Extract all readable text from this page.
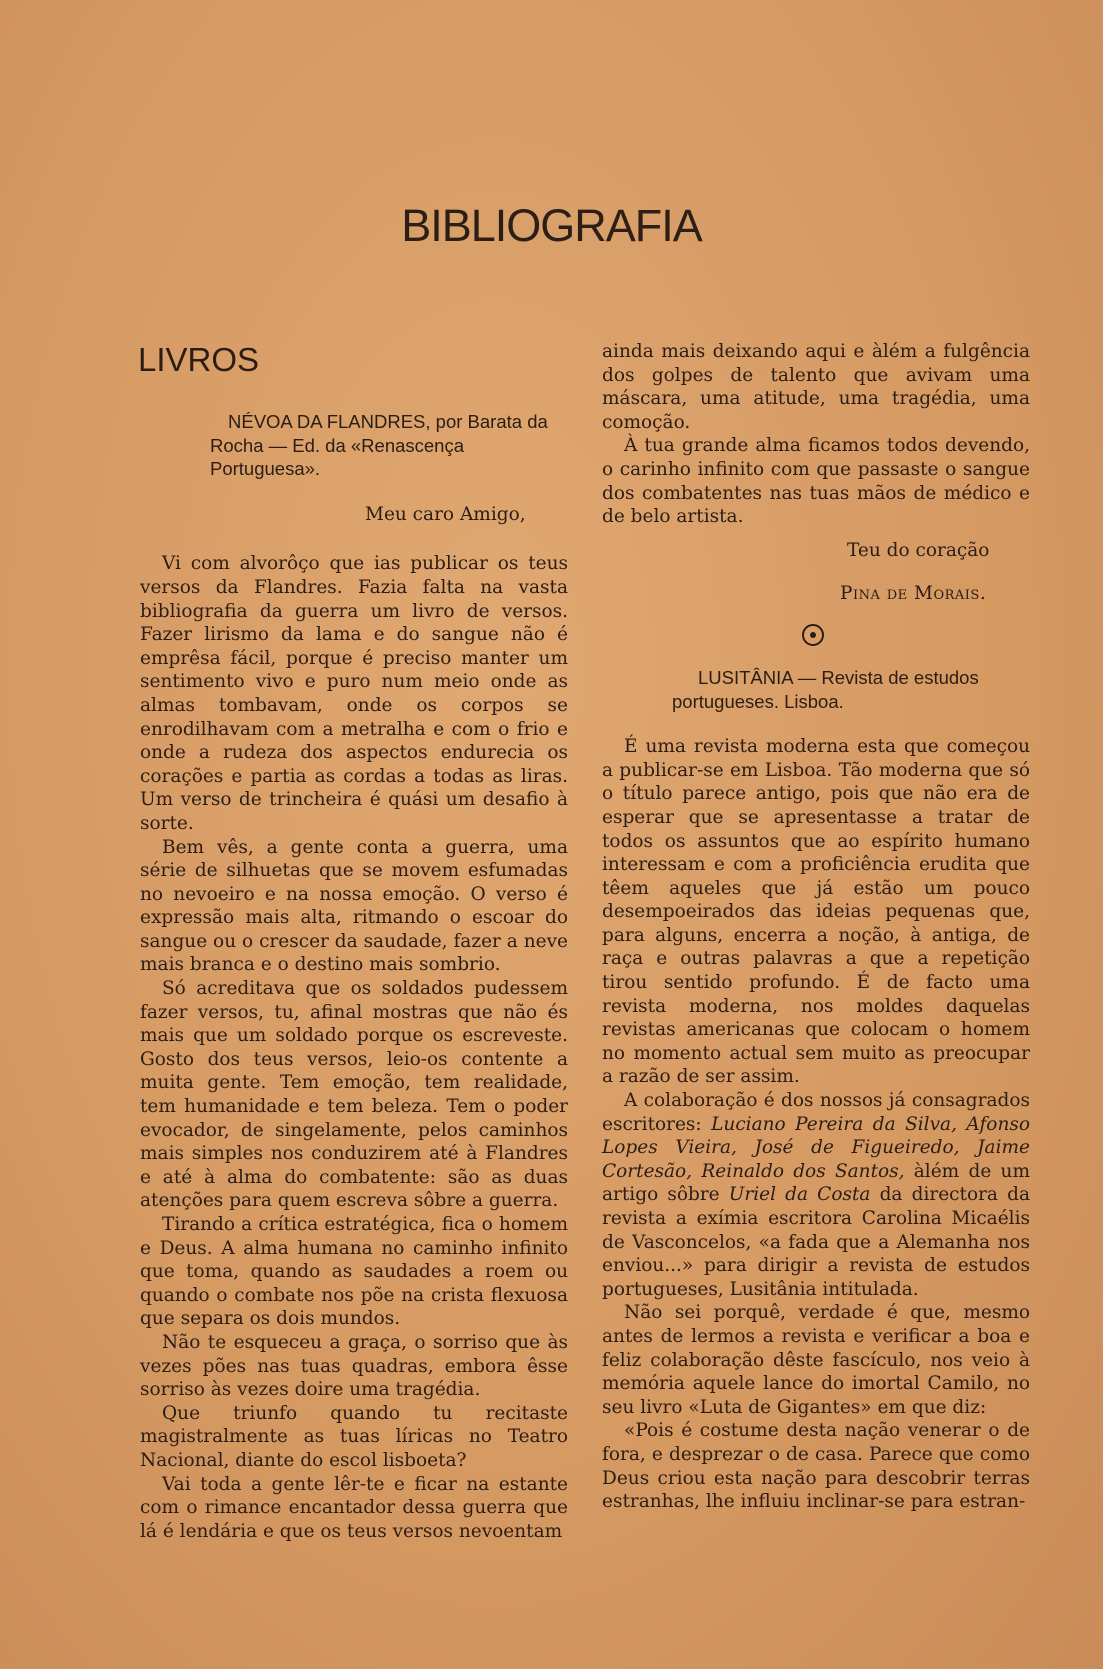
BIBLIOGRAFIA
LIVROS
NÉVOA DA FLANDRES, por Barata da Rocha — Ed. da «Renascença Portuguesa».
Meu caro Amigo,

Vi com alvorôço que ias publicar os teus versos da Flandres. Fazia falta na vasta bibliografia da guerra um livro de versos. Fazer lirismo da lama e do sangue não é emprêsa fácil, porque é preciso manter um sentimento vivo e puro num meio onde as almas tombavam, onde os corpos se enrodilhavam com a metralha e com o frio e onde a rudeza dos aspectos endurecia os corações e partia as cordas a todas as liras. Um verso de trincheira é quási um desafio à sorte.

Bem vês, a gente conta a guerra, uma série de silhuetas que se movem esfumadas no nevoeiro e na nossa emoção. O verso é expressão mais alta, ritmando o escoar do sangue ou o crescer da saudade, fazer a neve mais branca e o destino mais sombrio.

Só acreditava que os soldados pudessem fazer versos, tu, afinal mostras que não és mais que um soldado porque os escreveste. Gosto dos teus versos, leio-os contente a muita gente. Tem emoção, tem realidade, tem humanidade e tem beleza. Tem o poder evocador, de singelamente, pelos caminhos mais simples nos conduzirem até à Flandres e até à alma do combatente: são as duas atenções para quem escreva sôbre a guerra.

Tirando a crítica estratégica, fica o homem e Deus. A alma humana no caminho infinito que toma, quando as saudades a roem ou quando o combate nos põe na crista flexuosa que separa os dois mundos.

Não te esqueceu a graça, o sorriso que às vezes pões nas tuas quadras, embora êsse sorriso às vezes doire uma tragédia.

Que triunfo quando tu recitaste magistralmente as tuas líricas no Teatro Nacional, diante do escol lisboeta?

Vai toda a gente lêr-te e ficar na estante com o rimance encantador dessa guerra que lá é lendária e que os teus versos nevoentam

ainda mais deixando aqui e àlém a fulgência dos golpes de talento que avivam uma máscara, uma atitude, uma tragédia, uma comoção.

À tua grande alma ficamos todos devendo, o carinho infinito com que passaste o sangue dos combatentes nas tuas mãos de médico e de belo artista.

Teu do coração
Pina de Morais.
LUSITÂNIA — Revista de estudos portugueses. Lisboa.

É uma revista moderna esta que começou a publicar-se em Lisboa. Tão moderna que só o título parece antigo, pois que não era de esperar que se apresentasse a tratar de todos os assuntos que ao espírito humano interessam e com a proficiência erudita que têem aqueles que já estão um pouco desempoeirados das ideias pequenas que, para alguns, encerra a noção, à antiga, de raça e outras palavras a que a repetição tirou sentido profundo. É de facto uma revista moderna, nos moldes daquelas revistas americanas que colocam o homem no momento actual sem muito as preocupar a razão de ser assim.

A colaboração é dos nossos já consagrados escritores: Luciano Pereira da Silva, Afonso Lopes Vieira, José de Figueiredo, Jaime Cortesão, Reinaldo dos Santos, àlém de um artigo sôbre Uriel da Costa da directora da revista a exímia escritora Carolina Micaélis de Vasconcelos, «a fada que a Alemanha nos enviou...» para dirigir a revista de estudos portugueses, Lusitânia intitulada.

Não sei porquê, verdade é que, mesmo antes de lermos a revista e verificar a boa e feliz colaboração dêste fascículo, nos veio à memória aquele lance do imortal Camilo, no seu livro «Luta de Gigantes» em que diz:

«Pois é costume desta nação venerar o de fora, e desprezar o de casa. Parece que como Deus criou esta nação para descobrir terras estranhas, lhe influiu inclinar-se para estran-
